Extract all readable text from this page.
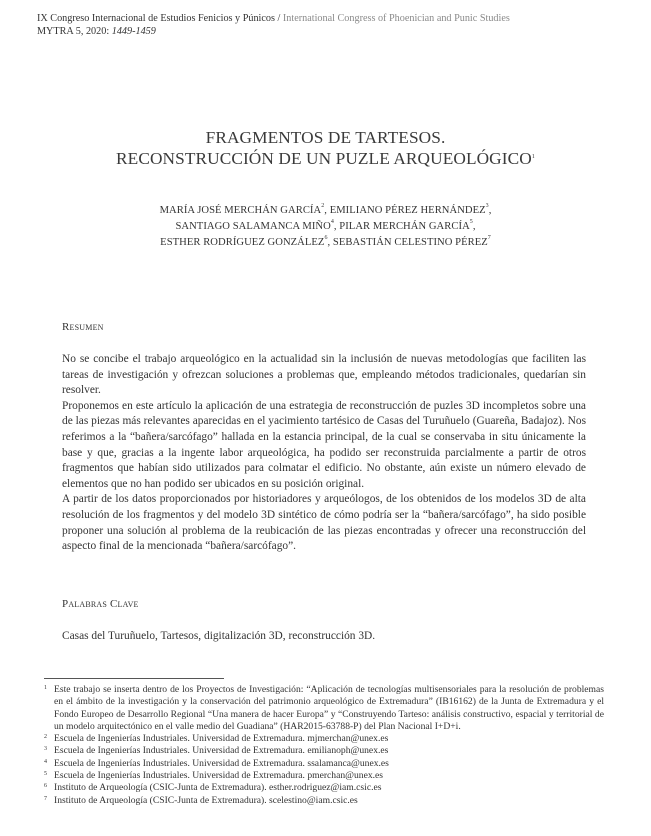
IX Congreso Internacional de Estudios Fenicios y Púnicos / International Congress of Phoenician and Punic Studies
MYTRA 5, 2020: 1449-1459
FRAGMENTOS DE TARTESOS.
RECONSTRUCCIÓN DE UN PUZLE ARQUEOLÓGICO$^1$
MARÍA JOSÉ MERCHÁN GARCÍA$^2$, EMILIANO PÉREZ HERNÁNDEZ$^3$,
SANTIAGO SALAMANCA MIÑO$^4$, PILAR MERCHÁN GARCÍA$^5$,
ESTHER RODRÍGUEZ GONZÁLEZ$^6$, SEBASTIÁN CELESTINO PÉREZ$^7$
Resumen

No se concibe el trabajo arqueológico en la actualidad sin la inclusión de nuevas metodologías que faciliten las tareas de investigación y ofrezcan soluciones a problemas que, empleando métodos tradicionales, quedarían sin resolver.

Proponemos en este artículo la aplicación de una estrategia de reconstrucción de puzles 3D incompletos sobre una de las piezas más relevantes aparecidas en el yacimiento tartésico de Casas del Turuñuelo (Guareña, Badajoz). Nos referimos a la “bañera/sarcófago” hallada en la estancia principal, de la cual se conservaba in situ únicamente la base y que, gracias a la ingente labor arqueológica, ha podido ser reconstruida parcialmente a partir de otros fragmentos que habían sido utilizados para colmatar el edificio. No obstante, aún existe un número elevado de elementos que no han podido ser ubicados en su posición original.

A partir de los datos proporcionados por historiadores y arqueólogos, de los obtenidos de los modelos 3D de alta resolución de los fragmentos y del modelo 3D sintético de cómo podría ser la “bañera/sarcófago”, ha sido posible proponer una solución al problema de la reubicación de las piezas encontradas y ofrecer una reconstrucción del aspecto final de la mencionada “bañera/sarcófago”.

Palabras Clave
Casas del Turuñuelo, Tartesos, digitalización 3D, reconstrucción 3D.
1 Este trabajo se inserta dentro de los Proyectos de Investigación: “Aplicación de tecnologías multisensoriales para la resolución de problemas en el ámbito de la investigación y la conservación del patrimonio arqueológico de Extremadura” (IB16162) de la Junta de Extremadura y el Fondo Europeo de Desarrollo Regional “Una manera de hacer Europa” y “Construyendo Tarteso: análisis constructivo, espacial y territorial de un modelo arquitectónico en el valle medio del Guadiana” (HAR2015-63788-P) del Plan Nacional I+D+i.
2 Escuela de Ingenierías Industriales. Universidad de Extremadura. mjmerchan@unex.es
3 Escuela de Ingenierías Industriales. Universidad de Extremadura. emilianoph@unex.es
4 Escuela de Ingenierías Industriales. Universidad de Extremadura. ssalamanca@unex.es
5 Escuela de Ingenierías Industriales. Universidad de Extremadura. pmerchan@unex.es
6 Instituto de Arqueología (CSIC-Junta de Extremadura). esther.rodriguez@iam.csic.es
7 Instituto de Arqueología (CSIC-Junta de Extremadura). scelestino@iam.csic.es
